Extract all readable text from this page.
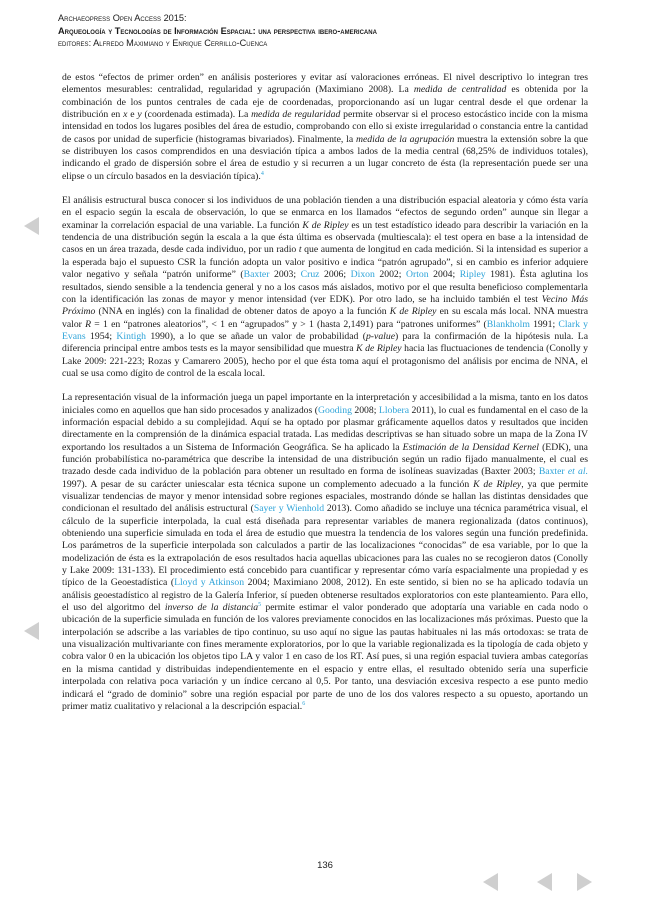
Archaeopress Open Access 2015:
Arqueología y Tecnologías de Información Espacial: una perspectiva ibero-americana
editores: Alfredo Maximiano y Enrique Cerrillo-Cuenca

de estos “efectos de primer orden” en análisis posteriores y evitar así valoraciones erróneas. El nivel descriptivo lo integran tres elementos mesurables: centralidad, regularidad y agrupación (Maximiano 2008). La medida de centralidad es obtenida por la combinación de los puntos centrales de cada eje de coordenadas, proporcionando así un lugar central desde el que ordenar la distribución en x e y (coordenada estimada). La medida de regularidad permite observar si el proceso estocástico incide con la misma intensidad en todos los lugares posibles del área de estudio, comprobando con ello si existe irregularidad o constancia entre la cantidad de casos por unidad de superficie (histogramas bivariados). Finalmente, la medida de la agrupación muestra la extensión sobre la que se distribuyen los casos comprendidos en una desviación típica a ambos lados de la media central (68,25% de individuos totales), indicando el grado de dispersión sobre el área de estudio y si recurren a un lugar concreto de ésta (la representación puede ser una elipse o un círculo basados en la desviación típica).$^4$

El análisis estructural busca conocer si los individuos de una población tienden a una distribución espacial aleatoria y cómo ésta varía en el espacio según la escala de observación, lo que se enmarca en los llamados “efectos de segundo orden” aunque sin llegar a examinar la correlación espacial de una variable. La función K de Ripley es un test estadístico ideado para describir la variación en la tendencia de una distribución según la escala a la que ésta última es observada (multiescala): el test opera en base a la intensidad de casos en un área trazada, desde cada individuo, por un radio t que aumenta de longitud en cada medición. Si la intensidad es superior a la esperada bajo el supuesto CSR la función adopta un valor positivo e indica “patrón agrupado”, si en cambio es inferior adquiere valor negativo y señala “patrón uniforme” (Baxter 2003; Cruz 2006; Dixon 2002; Orton 2004; Ripley 1981). Ésta aglutina los resultados, siendo sensible a la tendencia general y no a los casos más aislados, motivo por el que resulta beneficioso complementarla con la identificación las zonas de mayor y menor intensidad (ver EDK). Por otro lado, se ha incluido también el test Vecino Más Próximo (NNA en inglés) con la finalidad de obtener datos de apoyo a la función K de Ripley en su escala más local. NNA muestra valor R = 1 en “patrones aleatorios”, < 1 en “agrupados” y > 1 (hasta 2,1491) para “patrones uniformes” (Blankholm 1991; Clark y Evans 1954; Kintigh 1990), a lo que se añade un valor de probabilidad (p-value) para la confirmación de la hipótesis nula. La diferencia principal entre ambos tests es la mayor sensibilidad que muestra K de Ripley hacia las fluctuaciones de tendencia (Conolly y Lake 2009: 221-223; Rozas y Camarero 2005), hecho por el que ésta toma aquí el protagonismo del análisis por encima de NNA, el cual se usa como dígito de control de la escala local.

La representación visual de la información juega un papel importante en la interpretación y accesibilidad a la misma, tanto en los datos iniciales como en aquellos que han sido procesados y analizados (Gooding 2008; Llobera 2011), lo cual es fundamental en el caso de la información espacial debido a su complejidad. Aquí se ha optado por plasmar gráficamente aquellos datos y resultados que inciden directamente en la comprensión de la dinámica espacial tratada. Las medidas descriptivas se han situado sobre un mapa de la Zona IV exportando los resultados a un Sistema de Información Geográfica. Se ha aplicado la Estimación de la Densidad Kernel (EDK), una función probabilística no-paramétrica que describe la intensidad de una distribución según un radio fijado manualmente, el cual es trazado desde cada individuo de la población para obtener un resultado en forma de isolíneas suavizadas (Baxter 2003; Baxter et al. 1997). A pesar de su carácter uniescalar esta técnica supone un complemento adecuado a la función K de Ripley, ya que permite visualizar tendencias de mayor y menor intensidad sobre regiones espaciales, mostrando dónde se hallan las distintas densidades que condicionan el resultado del análisis estructural (Sayer y Wienhold 2013). Como añadido se incluye una técnica paramétrica visual, el cálculo de la superficie interpolada, la cual está diseñada para representar variables de manera regionalizada (datos continuos), obteniendo una superficie simulada en toda el área de estudio que muestra la tendencia de los valores según una función predefinida. Los parámetros de la superficie interpolada son calculados a partir de las localizaciones “conocidas” de esa variable, por lo que la modelización de ésta es la extrapolación de esos resultados hacia aquellas ubicaciones para las cuales no se recogieron datos (Conolly y Lake 2009: 131-133). El procedimiento está concebido para cuantificar y representar cómo varía espacialmente una propiedad y es típico de la Geoestadística (Lloyd y Atkinson 2004; Maximiano 2008, 2012). En este sentido, si bien no se ha aplicado todavía un análisis geoestadístico al registro de la Galería Inferior, sí pueden obtenerse resultados exploratorios con este planteamiento. Para ello, el uso del algoritmo del inverso de la distancia$^5$ permite estimar el valor ponderado que adoptaría una variable en cada nodo o ubicación de la superficie simulada en función de los valores previamente conocidos en las localizaciones más próximas. Puesto que la interpolación se adscribe a las variables de tipo continuo, su uso aquí no sigue las pautas habituales ni las más ortodoxas: se trata de una visualización multivariante con fines meramente exploratorios, por lo que la variable regionalizada es la tipología de cada objeto y cobra valor 0 en la ubicación los objetos tipo LA y valor 1 en caso de los RT. Así pues, si una región espacial tuviera ambas categorías en la misma cantidad y distribuidas independientemente en el espacio y entre ellas, el resultado obtenido sería una superficie interpolada con relativa poca variación y un índice cercano al 0,5. Por tanto, una desviación excesiva respecto a ese punto medio indicará el “grado de dominio” sobre una región espacial por parte de uno de los dos valores respecto a su opuesto, aportando un primer matiz cualitativo y relacional a la descripción espacial.$^6$

136
